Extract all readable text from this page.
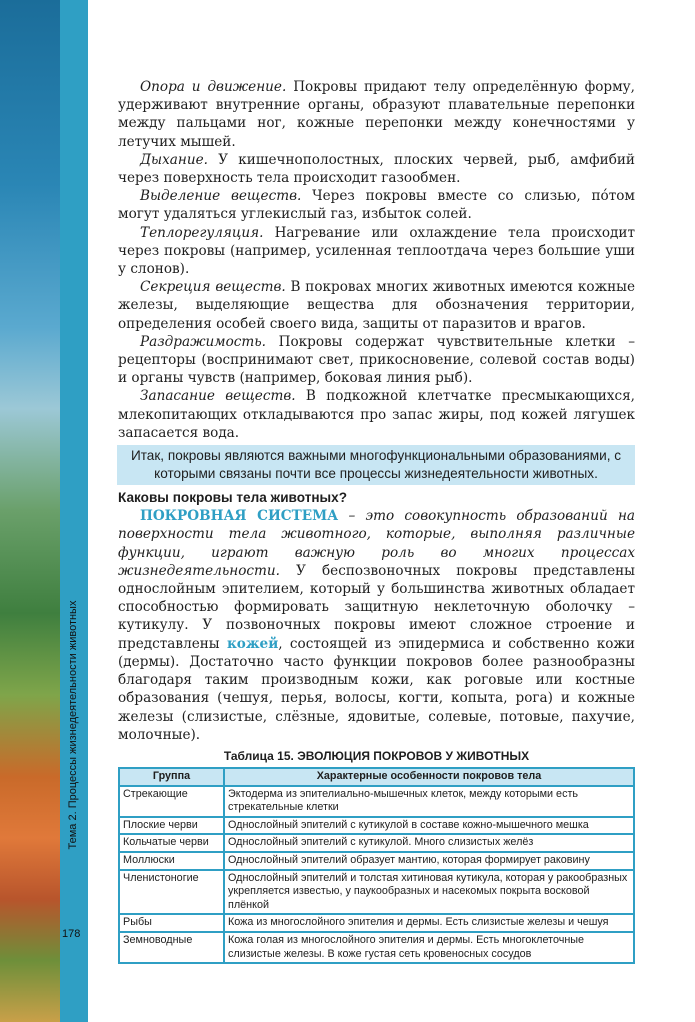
Тема 2. Процессы жизнедеятельности животных
178

Опора и движение. Покровы придают телу определённую форму, удерживают внутренние органы, образуют плавательные перепонки между пальцами ног, кожные перепонки между конечностями у летучих мышей.

Дыхание. У кишечнополостных, плоских червей, рыб, амфибий через поверхность тела происходит газообмен.

Выделение веществ. Через покровы вместе со слизью, пóтом могут удаляться углекислый газ, избыток солей.

Теплорегуляция. Нагревание или охлаждение тела происходит через покровы (например, усиленная теплоотдача через большие уши у слонов).

Секреция веществ. В покровах многих животных имеются кожные железы, выделяющие вещества для обозначения территории, определения особей своего вида, защиты от паразитов и врагов.

Раздражимость. Покровы содержат чувствительные клетки – рецепторы (воспринимают свет, прикосновение, солевой состав воды) и органы чувств (например, боковая линия рыб).

Запасание веществ. В подкожной клетчатке пресмыкающихся, млекопитающих откладываются про запас жиры, под кожей лягушек запасается вода.

Итак, покровы являются важными многофункциональными образованиями, с которыми связаны почти все процессы жизнедеятельности животных.
Каковы покровы тела животных?

ПОКРОВНАЯ СИСТЕМА – это совокупность образований на поверхности тела животного, которые, выполняя различные функции, играют важную роль во многих процессах жизнедеятельности. У беспозвоночных покровы представлены однослойным эпителием, который у большинства животных обладает способностью формировать защитную неклеточную оболочку – кутикулу. У позвоночных покровы имеют сложное строение и представлены кожей, состоящей из эпидермиса и собственно кожи (дермы). Достаточно часто функции покровов более разнообразны благодаря таким производным кожи, как роговые или костные образования (чешуя, перья, волосы, когти, копыта, рога) и кожные железы (слизистые, слёзные, ядовитые, солевые, потовые, пахучие, молочные).

Таблица 15. ЭВОЛЮЦИЯ ПОКРОВОВ У ЖИВОТНЫХ
Группа	Характерные особенности покровов тела
Стрекающие	Эктодерма из эпителиально-мышечных клеток, между которыми есть стрекательные клетки
Плоские черви	Однослойный эпителий с кутикулой в составе кожно-мышечного мешка
Кольчатые черви	Однослойный эпителий с кутикулой. Много слизистых желёз
Моллюски	Однослойный эпителий образует мантию, которая формирует раковину
Членистоногие	Однослойный эпителий и толстая хитиновая кутикула, которая у ракообразных укрепляется известью, у паукообразных и насекомых покрыта восковой плёнкой
Рыбы	Кожа из многослойного эпителия и дермы. Есть слизистые железы и чешуя
Земноводные	Кожа голая из многослойного эпителия и дермы. Есть многоклеточные слизистые железы. В коже густая сеть кровеносных сосудов
